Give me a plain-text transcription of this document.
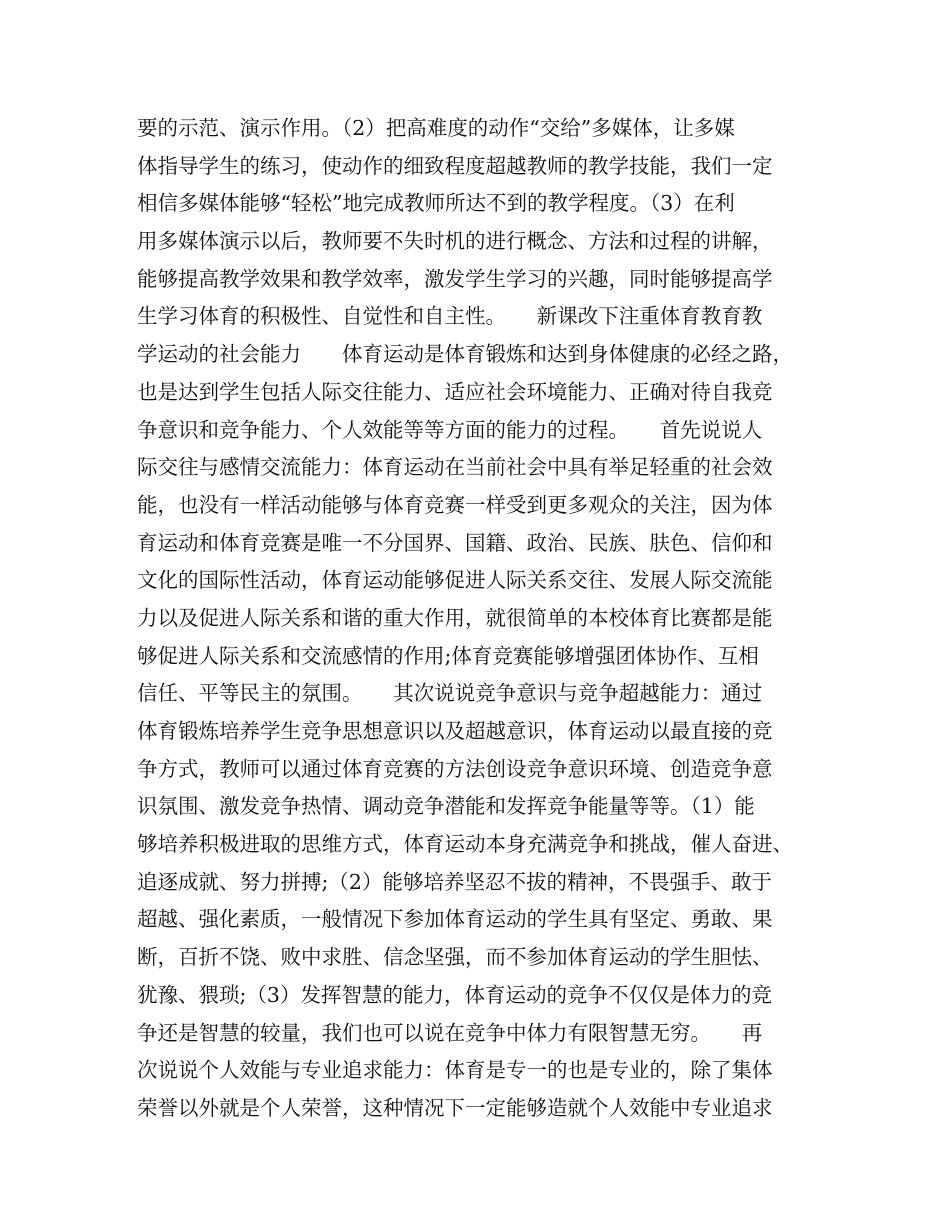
要的示范、演示作用。（2）把高难度的动作“交给”多媒体，让多媒
体指导学生的练习，使动作的细致程度超越教师的教学技能，我们一定
相信多媒体能够“轻松”地完成教师所达不到的教学程度。（3）在利
用多媒体演示以后，教师要不失时机的进行概念、方法和过程的讲解，
能够提高教学效果和教学效率，激发学生学习的兴趣，同时能够提高学
生学习体育的积极性、自觉性和自主性。　　新课改下注重体育教育教
学运动的社会能力　　体育运动是体育锻炼和达到身体健康的必经之路，
也是达到学生包括人际交往能力、适应社会环境能力、正确对待自我竞
争意识和竞争能力、个人效能等等方面的能力的过程。　　首先说说人
际交往与感情交流能力：体育运动在当前社会中具有举足轻重的社会效
能，也没有一样活动能够与体育竞赛一样受到更多观众的关注，因为体
育运动和体育竞赛是唯一不分国界、国籍、政治、民族、肤色、信仰和
文化的国际性活动，体育运动能够促进人际关系交往、发展人际交流能
力以及促进人际关系和谐的重大作用，就很简单的本校体育比赛都是能
够促进人际关系和交流感情的作用;体育竞赛能够增强团体协作、互相
信任、平等民主的氛围。　　其次说说竞争意识与竞争超越能力：通过
体育锻炼培养学生竞争思想意识以及超越意识，体育运动以最直接的竞
争方式，教师可以通过体育竞赛的方法创设竞争意识环境、创造竞争意
识氛围、激发竞争热情、调动竞争潜能和发挥竞争能量等等。（1）能
够培养积极进取的思维方式，体育运动本身充满竞争和挑战，催人奋进、
追逐成就、努力拼搏;（2）能够培养坚忍不拔的精神，不畏强手、敢于
超越、强化素质，一般情况下参加体育运动的学生具有坚定、勇敢、果
断，百折不饶、败中求胜、信念坚强，而不参加体育运动的学生胆怯、
犹豫、猥琐;（3）发挥智慧的能力，体育运动的竞争不仅仅是体力的竞
争还是智慧的较量，我们也可以说在竞争中体力有限智慧无穷。　　再
次说说个人效能与专业追求能力：体育是专一的也是专业的，除了集体
荣誉以外就是个人荣誉，这种情况下一定能够造就个人效能中专业追求
